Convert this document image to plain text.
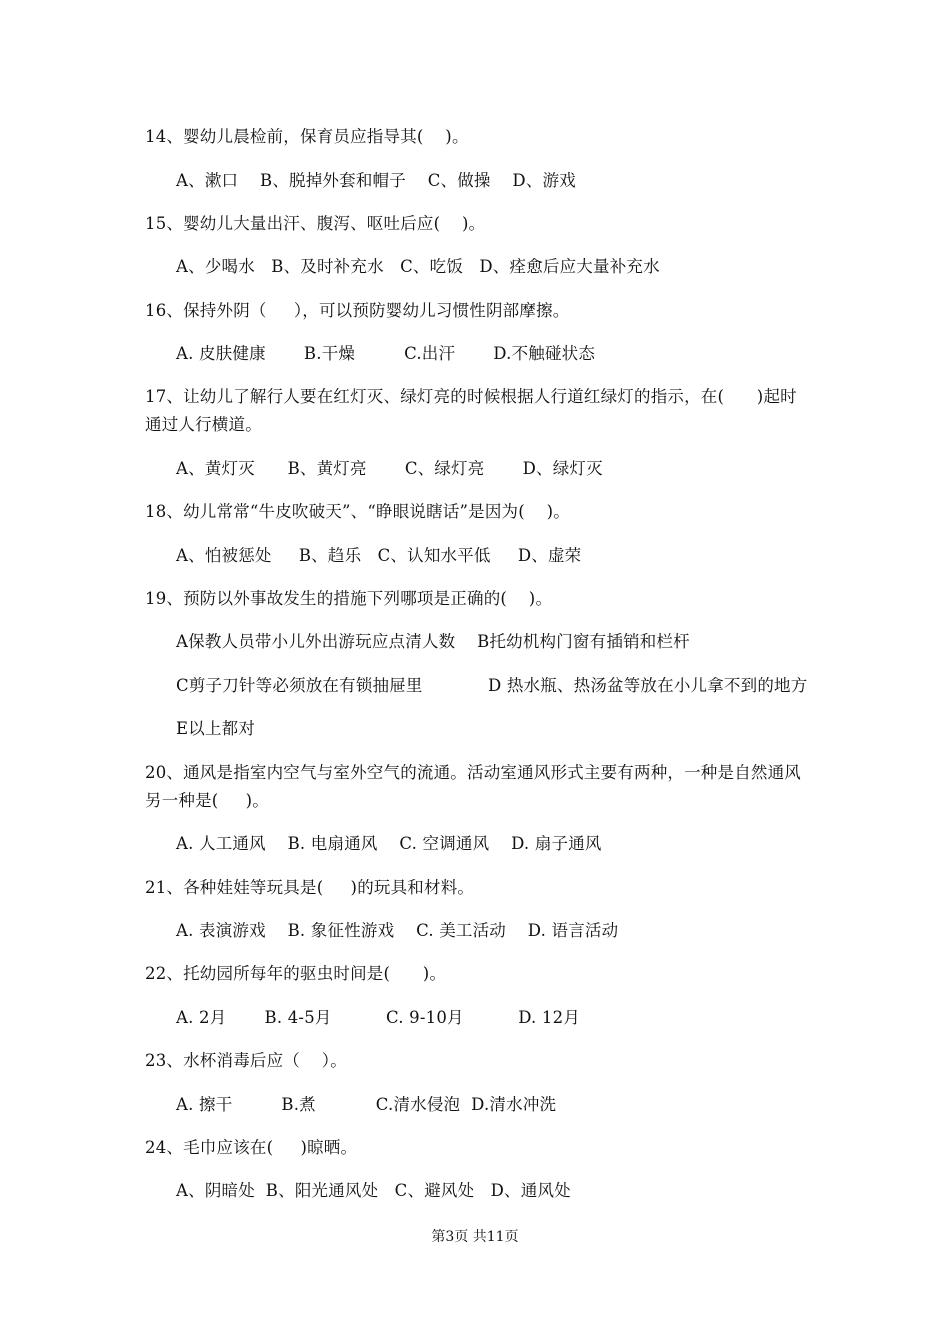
14、婴幼儿晨检前，保育员应指导其(    )。
A、漱口    B、脱掉外套和帽子    C、做操    D、游戏
15、婴幼儿大量出汗、腹泻、呕吐后应(    )。
A、少喝水   B、及时补充水   C、吃饭   D、痊愈后应大量补充水
16、保持外阴（     ），可以预防婴幼儿习惯性阴部摩擦。
A. 皮肤健康       B.干燥         C.出汗       D.不触碰状态
17、让幼儿了解行人要在红灯灭、绿灯亮的时候根据人行道红绿灯的指示，在(      )起时
通过人行横道。
A、黄灯灭      B、黄灯亮       C、绿灯亮       D、绿灯灭
18、幼儿常常“牛皮吹破天”、“睁眼说瞎话”是因为(    )。
A、怕被惩处     B、趋乐   C、认知水平低     D、虚荣
19、预防以外事故发生的措施下列哪项是正确的(    )。
A保教人员带小儿外出游玩应点清人数    B托幼机构门窗有插销和栏杆
C剪子刀针等必须放在有锁抽屉里            D 热水瓶、热汤盆等放在小儿拿不到的地方
E以上都对
20、通风是指室内空气与室外空气的流通。活动室通风形式主要有两种，一种是自然通风
另一种是(     )。
A. 人工通风    B. 电扇通风    C. 空调通风    D. 扇子通风
21、各种娃娃等玩具是(     )的玩具和材料。
A. 表演游戏    B. 象征性游戏    C. 美工活动    D. 语言活动
22、托幼园所每年的驱虫时间是(      )。
A. 2月       B. 4-5月          C. 9-10月          D. 12月
23、水杯消毒后应（    ）。
A. 擦干         B.煮           C.清水侵泡  D.清水冲洗
24、毛巾应该在(     )晾晒。
A、阴暗处  B、阳光通风处   C、避风处   D、通风处
第3页 共11页
